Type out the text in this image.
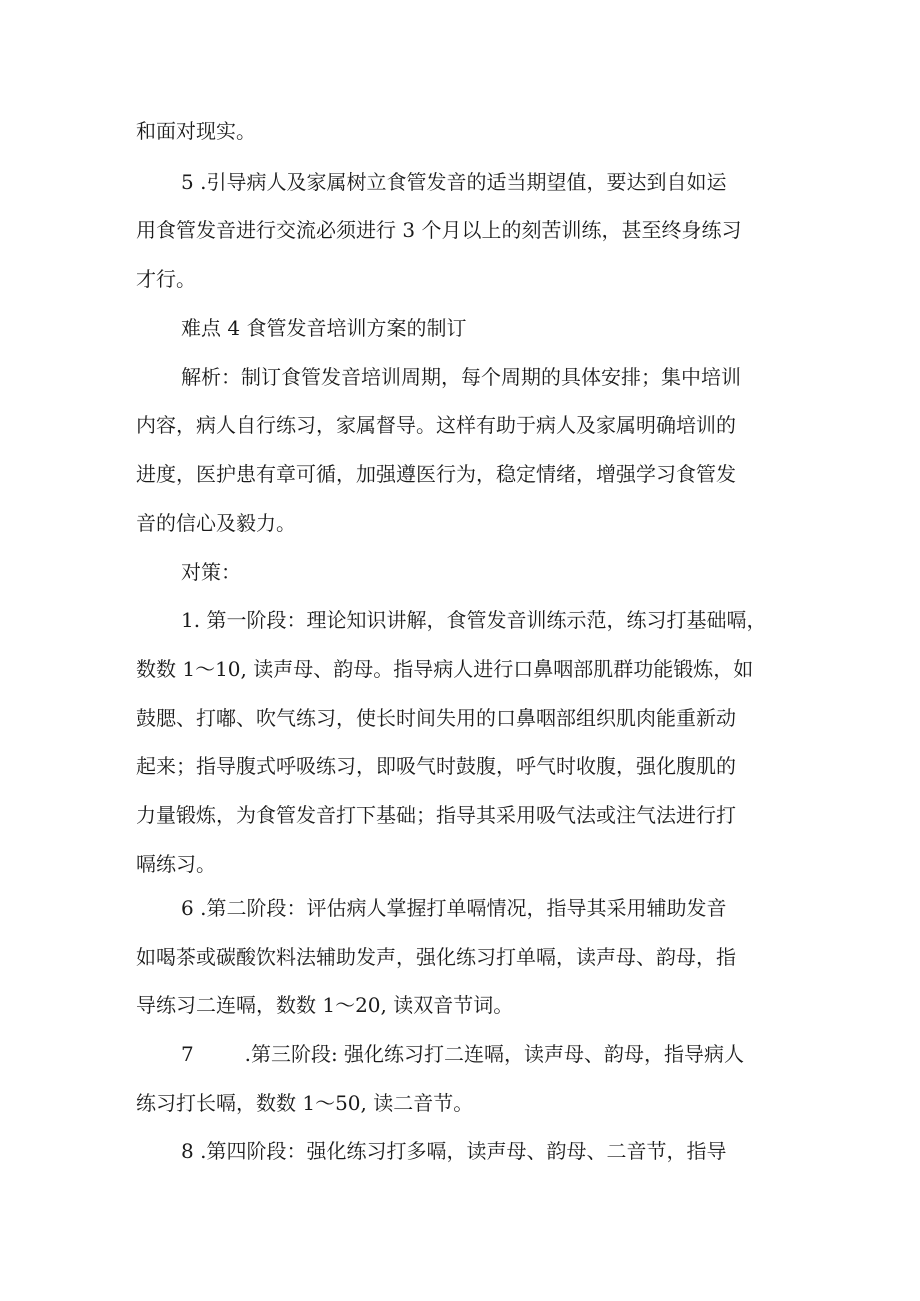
和面对现实。
5 .引导病人及家属树立食管发音的适当期望值，要达到自如运
用食管发音进行交流必须进行 3 个月以上的刻苦训练，甚至终身练习
才行。
难点 4 食管发音培训方案的制订
解析：制订食管发音培训周期，每个周期的具体安排；集中培训
内容，病人自行练习，家属督导。这样有助于病人及家属明确培训的
进度，医护患有章可循，加强遵医行为，稳定情绪，增强学习食管发
音的信心及毅力。
对策：
1. 第一阶段：理论知识讲解，食管发音训练示范，练习打基础嗝，
数数 1～10, 读声母、韵母。指导病人进行口鼻咽部肌群功能锻炼，如
鼓腮、打嘟、吹气练习，使长时间失用的口鼻咽部组织肌肉能重新动
起来；指导腹式呼吸练习，即吸气时鼓腹，呼气时收腹，强化腹肌的
力量锻炼，为食管发音打下基础；指导其采用吸气法或注气法进行打
嗝练习。
6 .第二阶段：评估病人掌握打单嗝情况，指导其采用辅助发音
如喝茶或碳酸饮料法辅助发声，强化练习打单嗝，读声母、韵母，指
导练习二连嗝，数数 1～20, 读双音节词。
7        .第三阶段: 强化练习打二连嗝，读声母、韵母，指导病人
练习打长嗝，数数 1～50, 读二音节。
8 .第四阶段：强化练习打多嗝，读声母、韵母、二音节，指导
